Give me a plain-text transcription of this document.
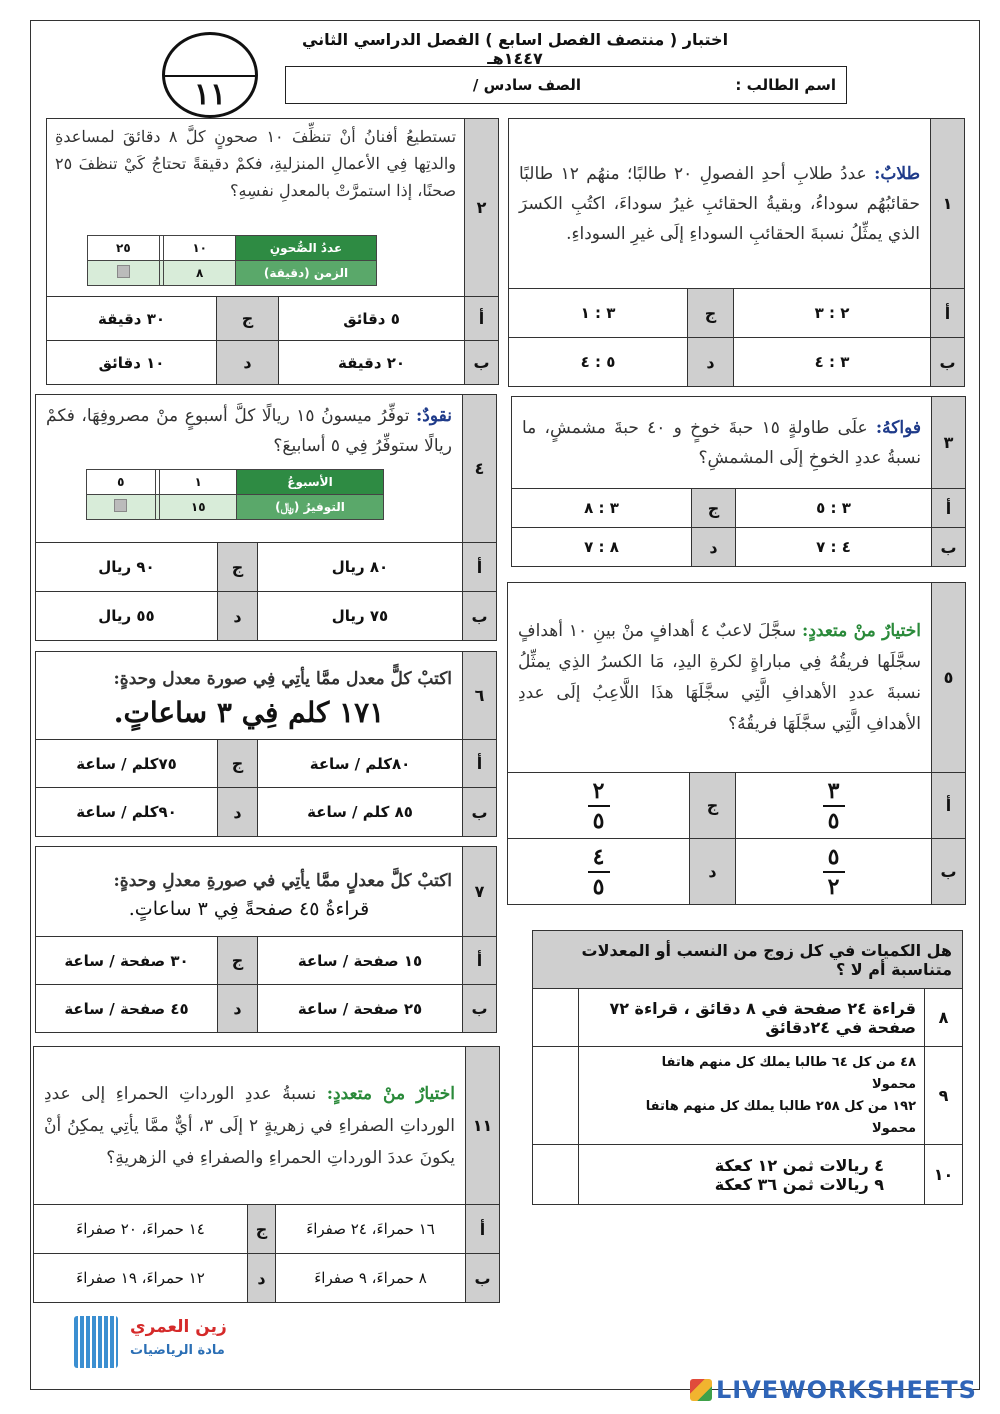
اختبار ( منتصف الفصل اسابع ) الفصل الدراسي الثاني ١٤٤٧هـ
١١	اسم الطالب :
الصف سادس /
١	طلابٌ: عددُ طلابِ أحدِ الفصولِ ٢٠ طالبًا؛ منهُم ١٢ طالبًا حقائبُهُم سوداءُ، وبقيةُ الحقائبِ غيرُ سوداءَ، اكتُبِ الكسرَ الذي يمثِّلُ نسبةَ الحقائبِ السوداءِ إلَى غيرِ السوداءِ.		

أ	٢ : ٣	ج	٣ : ١
ب	٣ : ٤	د	٥ : ٤
٢	
تستطيعُ أفنانُ أنْ تنظِّفَ ١٠ صحونٍ كلَّ ٨ دقائقَ لمساعدةِ والدتِها فِي الأعمالِ المنزليةِ، فكمْ دقيقةً تحتاجُ كَيْ تنظفَ ٢٥ صحنًا، إذا استمرَّتْ بالمعدلِ نفسِهِ؟
عددُ الصُّحونِ	١٠		٢٥
الزمن (دقيقة)	٨		

أ	٥ دقائق	ج	٣٠ دقيقة
ب	٢٠ دقيقة	د	١٠ دقائق
٣	فواكهُ: علَى طاولةٍ ١٥ حبةَ خوخٍ و ٤٠ حبةَ مشمشٍ، ما نسبةُ عددِ الخوخِ إلَى المشمشِ؟		

أ	٣ : ٥	ج	٣ : ٨
ب	٤ : ٧	د	٨ : ٧
٤	
نقودٌ: توفِّرُ ميسونُ ١٥ ريالًا كلَّ أسبوعٍ منْ مصروفِهَا، فكمْ ريالًا ستوفِّرُ فِي ٥ أسابيعَ؟
الأسبوعُ	١		٥
التوفيرُ (﷼)	١٥		

أ	٨٠ ريال	ج	٩٠ ريال
ب	٧٥ ريال	د	٥٥ ريال
٥	اختيارٌ منْ متعددٍ: سجَّلَ لاعبٌ ٤ أهدافٍ منْ بينِ ١٠ أهدافٍ سجَّلَها فريقُهُ فِي مباراةٍ لكرةِ اليدِ، مَا الكسرُ الذِي يمثِّلُ نسبةَ عددِ الأهدافِ الَّتِي سجَّلَهَا هذَا اللَّاعِبُ إلَى عددِ الأهدافِ الَّتِي سجَّلَهَا فريقُهُ؟		

أ	$\frac{٣}{٥}$	ج	$\frac{٢}{٥}$

ب	$\frac{٥}{٢}$	د	$\frac{٤}{٥}$
٦	اكتبْ كلًّ معدل ممَّا يأتِي فِي صورة معدل وحدةٍ:
١٧١ كلم فِي ٣ ساعاتٍ.		

أ	٨٠كلم / ساعة	ج	٧٥كلم / ساعة
ب	٨٥ كلم / ساعة	د	٩٠كلم / ساعة
٧	اكتبْ كلَّ معدلٍ ممَّا يأتِي في صورةِ معدلِ وحدةٍ:
قراءةُ ٤٥ صفحةً فِي ٣ ساعاتٍ.		

أ	١٥ صفحة / ساعة	ج	٣٠ صفحة / ساعة
ب	٢٥ صفحة / ساعة	د	٤٥ صفحة / ساعة
هل الكميات في كل زوج من النسب أو المعدلات متناسبة أم لا ؟		
٨	قراءة ٢٤ صفحة في ٨ دقائق ، قراءة ٧٢
صفحة في ٢٤دقائق	

٩	٤٨ من كل ٦٤ طالبا يملك كل منهم هاتفا
محمولا
١٩٢ من كل ٢٥٨ طالبا يملك كل منهم هاتفا
محمولا	

١٠	٤ ريالات ثمن ١٢ كعكة
٩ ريالات ثمن ٣٦ كعكة	

١١	اختيارٌ منْ متعددٍ: نسبةُ عددِ الورداتِ الحمراءِ إلى عددِ الورداتِ الصفراءِ في زهريةٍ ٢ إلَى ٣، أيٌّ ممَّا يأتِي يمكِنُ أنْ يكونَ عددَ الورداتِ الحمراءِ والصفراءِ في الزهريةِ؟		

أ	١٦ حمراءَ، ٢٤ صفراءَ	ج	١٤ حمراءَ، ٢٠ صفراءَ
ب	٨ حمراءَ، ٩ صفراءَ	د	١٢ حمراءَ، ١٩ صفراءَ
زين العمري
مادة الرياضيات
LIVEWORKSHEETS
